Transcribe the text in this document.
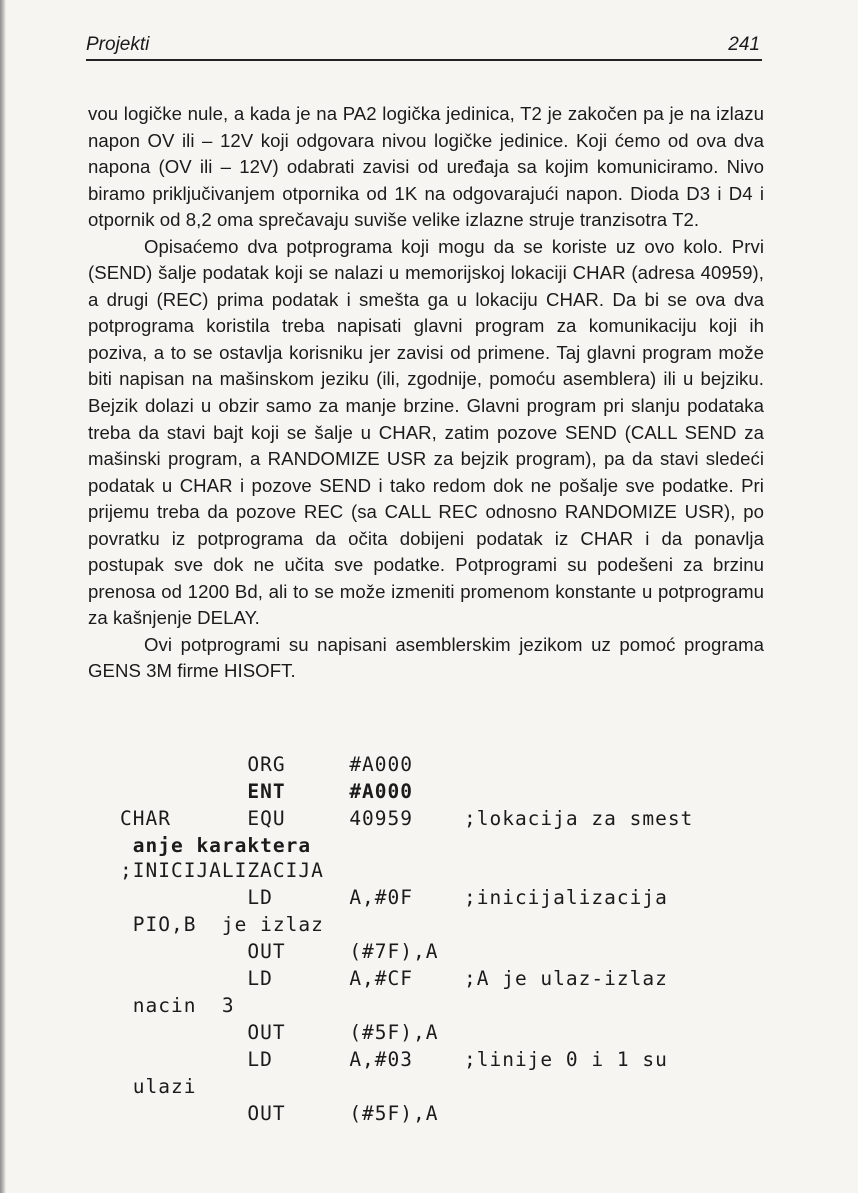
Projekti	241

vou logičke nule, a kada je na PA2 logička jedinica, T2 je zakočen pa je na izlazu napon OV ili – 12V koji odgovara nivou logičke jedinice. Koji ćemo od ova dva napona (OV ili – 12V) odabrati zavisi od uređaja sa kojim komuniciramo. Nivo biramo priključivanjem otpornika od 1K na odgovarajući napon. Dioda D3 i D4 i otpornik od 8,2 oma sprečavaju suviše velike izlazne struje tranzisotra T2.

Opisaćemo dva potprograma koji mogu da se koriste uz ovo kolo. Prvi (SEND) šalje podatak koji se nalazi u memorijskoj lokaciji CHAR (adresa 40959), a drugi (REC) prima podatak i smešta ga u lokaciju CHAR. Da bi se ova dva potprograma koristila treba napisati glavni program za komunikaciju koji ih poziva, a to se ostavlja korisniku jer zavisi od primene. Taj glavni program može biti napisan na mašinskom jeziku (ili, zgodnije, pomoću asemblera) ili u bejziku. Bejzik dolazi u obzir samo za manje brzine. Glavni program pri slanju podataka treba da stavi bajt koji se šalje u CHAR, zatim pozove SEND (CALL SEND za mašinski program, a RANDOMIZE USR za bejzik program), pa da stavi sledeći podatak u CHAR i pozove SEND i tako redom dok ne pošalje sve podatke. Pri prijemu treba da pozove REC (sa CALL REC odnosno RANDOMIZE USR), po povratku iz potprograma da očita dobijeni podatak iz CHAR i da ponavlja postupak sve dok ne učita sve podatke. Potprogrami su podešeni za brzinu prenosa od 1200 Bd, ali to se može izmeniti promenom konstante u potprogramu za kašnjenje DELAY.

Ovi potprogrami su napisani asemblerskim jezikom uz pomoć programa GENS 3M firme HISOFT.

ORG     #A000

ENT     #A000

CHAR      EQU     40959    ;lokacija za smest

anje karaktera

;INICIJALIZACIJA

LD      A,#0F    ;inicijalizacija

PIO,B  je izlaz

OUT     (#7F),A

LD      A,#CF    ;A je ulaz-izlaz

nacin  3

OUT     (#5F),A

LD      A,#03    ;linije 0 i 1 su

ulazi

OUT     (#5F),A
